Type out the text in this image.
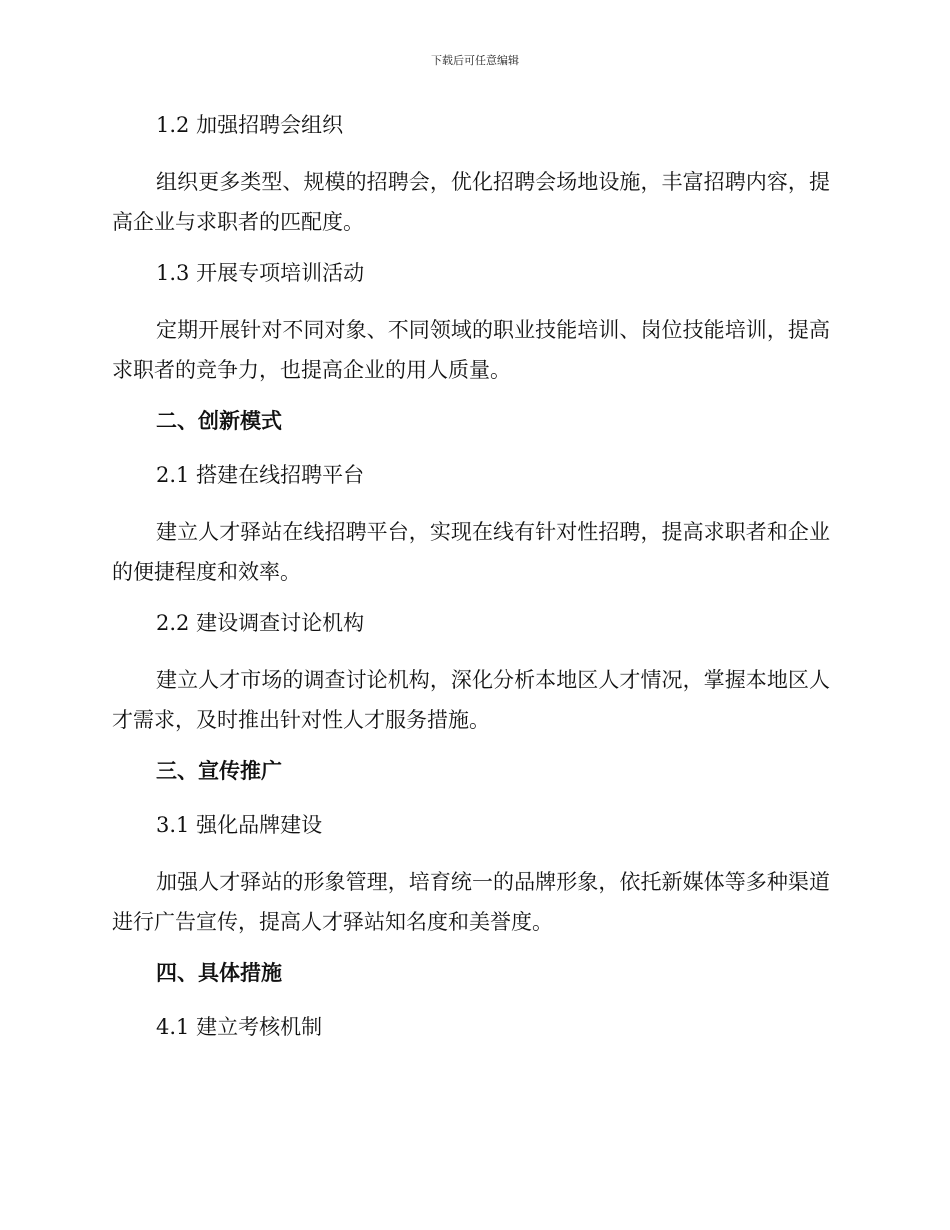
下载后可任意编辑
1.2 加强招聘会组织
组织更多类型、规模的招聘会，优化招聘会场地设施，丰富招聘内容，提高企业与求职者的匹配度。
1.3 开展专项培训活动
定期开展针对不同对象、不同领域的职业技能培训、岗位技能培训，提高求职者的竞争力，也提高企业的用人质量。
二、创新模式
2.1 搭建在线招聘平台
建立人才驿站在线招聘平台，实现在线有针对性招聘，提高求职者和企业的便捷程度和效率。
2.2 建设调查讨论机构
建立人才市场的调查讨论机构，深化分析本地区人才情况，掌握本地区人才需求，及时推出针对性人才服务措施。
三、宣传推广
3.1 强化品牌建设
加强人才驿站的形象管理，培育统一的品牌形象，依托新媒体等多种渠道进行广告宣传，提高人才驿站知名度和美誉度。
四、具体措施
4.1 建立考核机制
